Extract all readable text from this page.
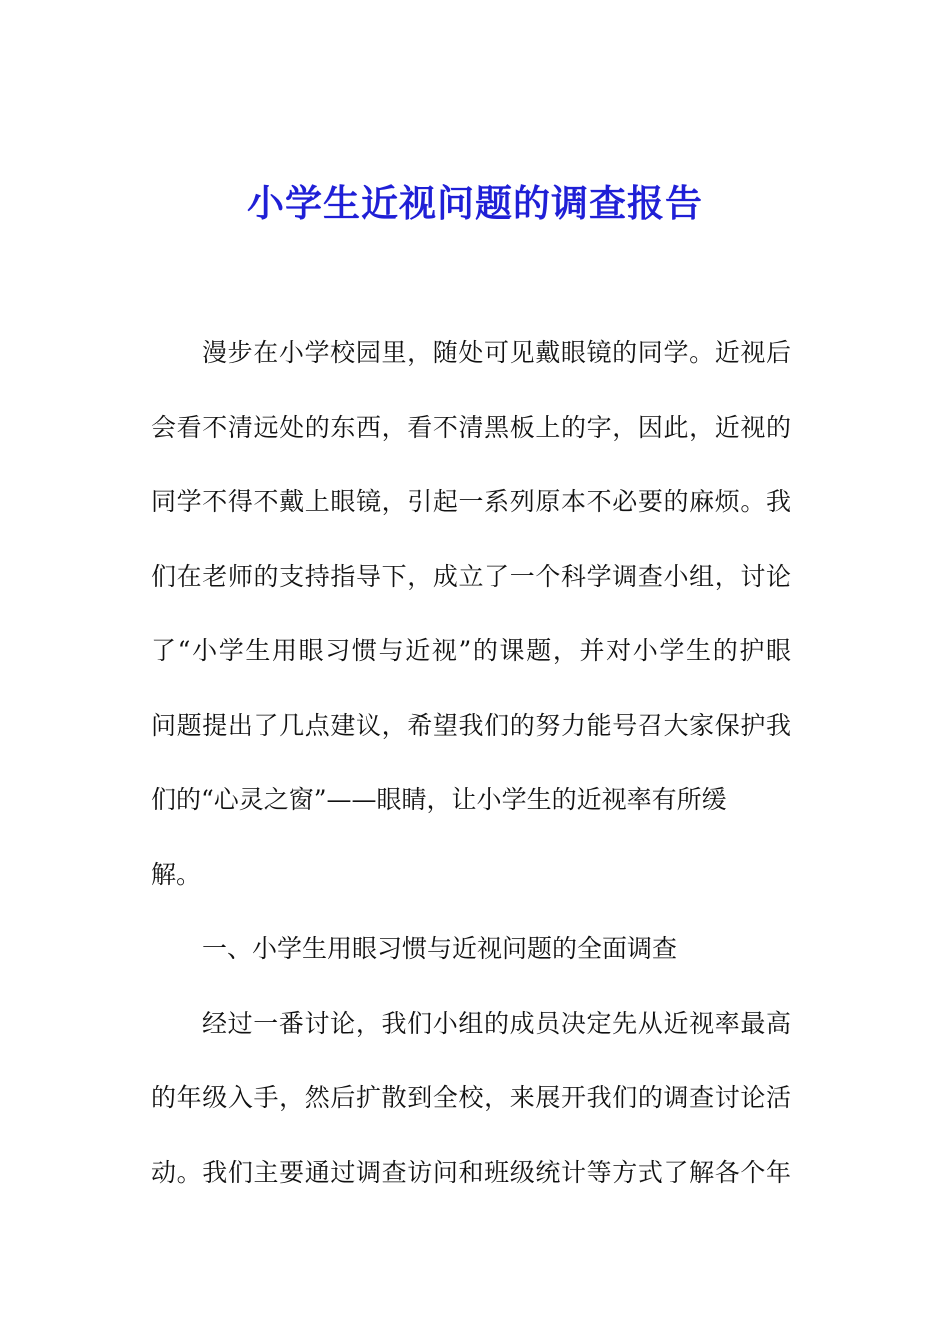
小学生近视问题的调查报告
漫步在小学校园里，随处可见戴眼镜的同学。近视后
会看不清远处的东西，看不清黑板上的字，因此，近视的
同学不得不戴上眼镜，引起一系列原本不必要的麻烦。我
们在老师的支持指导下，成立了一个科学调查小组，讨论
了“小学生用眼习惯与近视”的课题，并对小学生的护眼
问题提出了几点建议，希望我们的努力能号召大家保护我
们的“心灵之窗”——眼睛，让小学生的近视率有所缓
解。
一、小学生用眼习惯与近视问题的全面调查
经过一番讨论，我们小组的成员决定先从近视率最高
的年级入手，然后扩散到全校，来展开我们的调查讨论活
动。我们主要通过调查访问和班级统计等方式了解各个年
